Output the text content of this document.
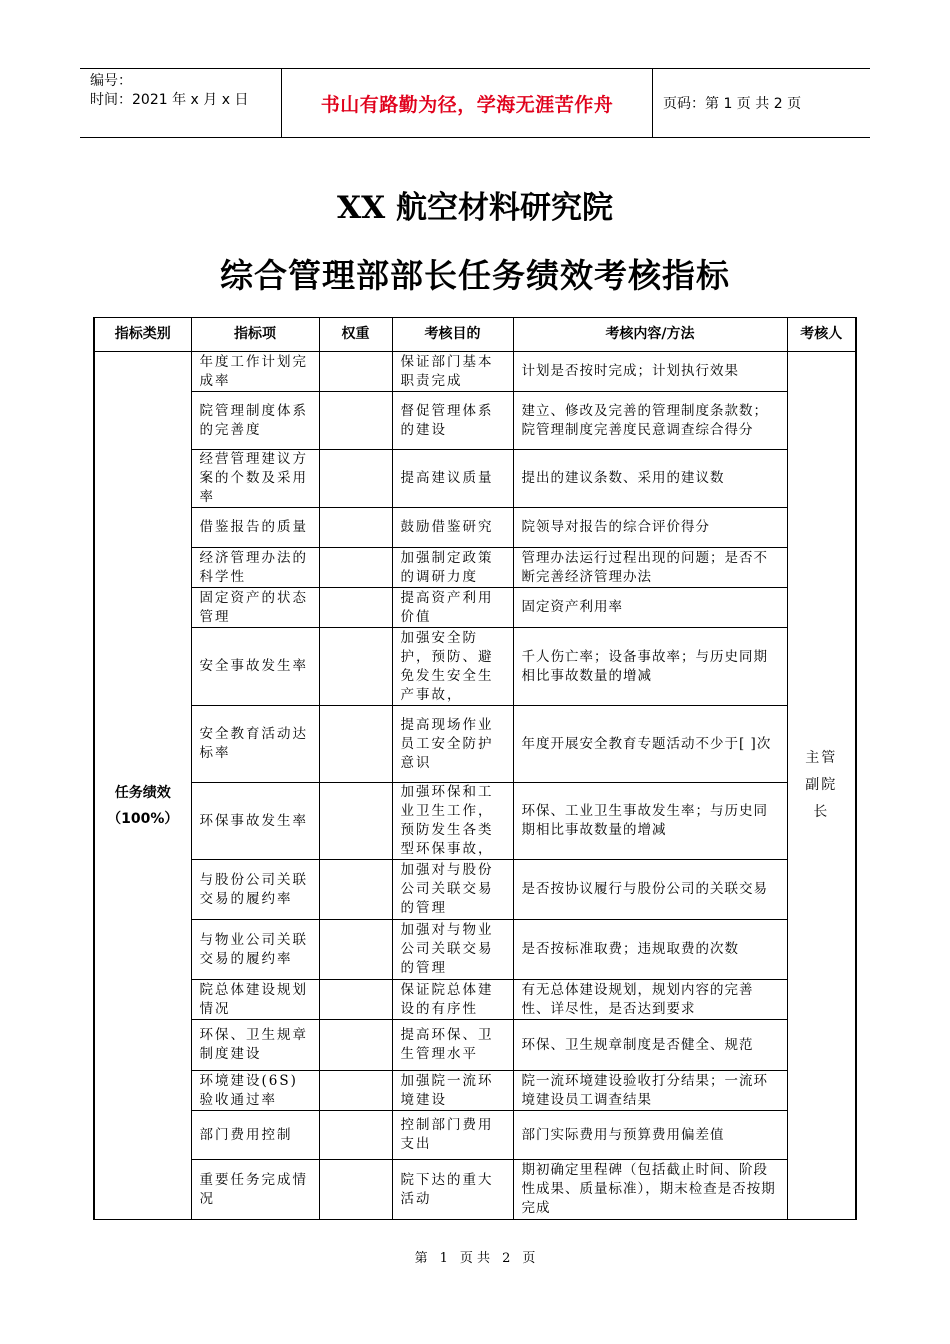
编号：
时间：2021 年 x 月 x 日	书山有路勤为径，学海无涯苦作舟	页码：第 1 页 共 2 页
XX 航空材料研究院
综合管理部部长任务绩效考核指标
指标类别	指标项	权重	考核目的	考核内容/方法	考核人

任务绩效
（100%）	年度工作计划完成率		保证部门基本职责完成	计划是否按时完成；计划执行效果	主管副院长
	院管理制度体系的完善度		督促管理体系的建设	建立、修改及完善的管理制度条款数；院管理制度完善度民意调查综合得分	
	经营管理建议方案的个数及采用率		提高建议质量	提出的建议条数、采用的建议数	
	借鉴报告的质量		鼓励借鉴研究	院领导对报告的综合评价得分	
	经济管理办法的科学性		加强制定政策的调研力度	管理办法运行过程出现的问题；是否不断完善经济管理办法	
	固定资产的状态管理		提高资产利用价值	固定资产利用率	
	安全事故发生率		加强安全防护，预防、避免发生安全生产事故，	千人伤亡率；设备事故率；与历史同期相比事故数量的增减	
	安全教育活动达标率		提高现场作业员工安全防护意识	年度开展安全教育专题活动不少于[ ]次	
	环保事故发生率		加强环保和工业卫生工作，预防发生各类型环保事故，	环保、工业卫生事故发生率；与历史同期相比事故数量的增减	
	与股份公司关联交易的履约率		加强对与股份公司关联交易的管理	是否按协议履行与股份公司的关联交易	
	与物业公司关联交易的履约率		加强对与物业公司关联交易的管理	是否按标准取费；违规取费的次数	
	院总体建设规划情况		保证院总体建设的有序性	有无总体建设规划，规划内容的完善性、详尽性，是否达到要求	
	环保、卫生规章制度建设		提高环保、卫生管理水平	环保、卫生规章制度是否健全、规范	
	环境建设(6S)验收通过率		加强院一流环境建设	院一流环境建设验收打分结果；一流环境建设员工调查结果	
	部门费用控制		控制部门费用支出	部门实际费用与预算费用偏差值	
	重要任务完成情况		院下达的重大活动	期初确定里程碑（包括截止时间、阶段性成果、质量标准），期末检查是否按期完成	
第 1 页 共 2 页
